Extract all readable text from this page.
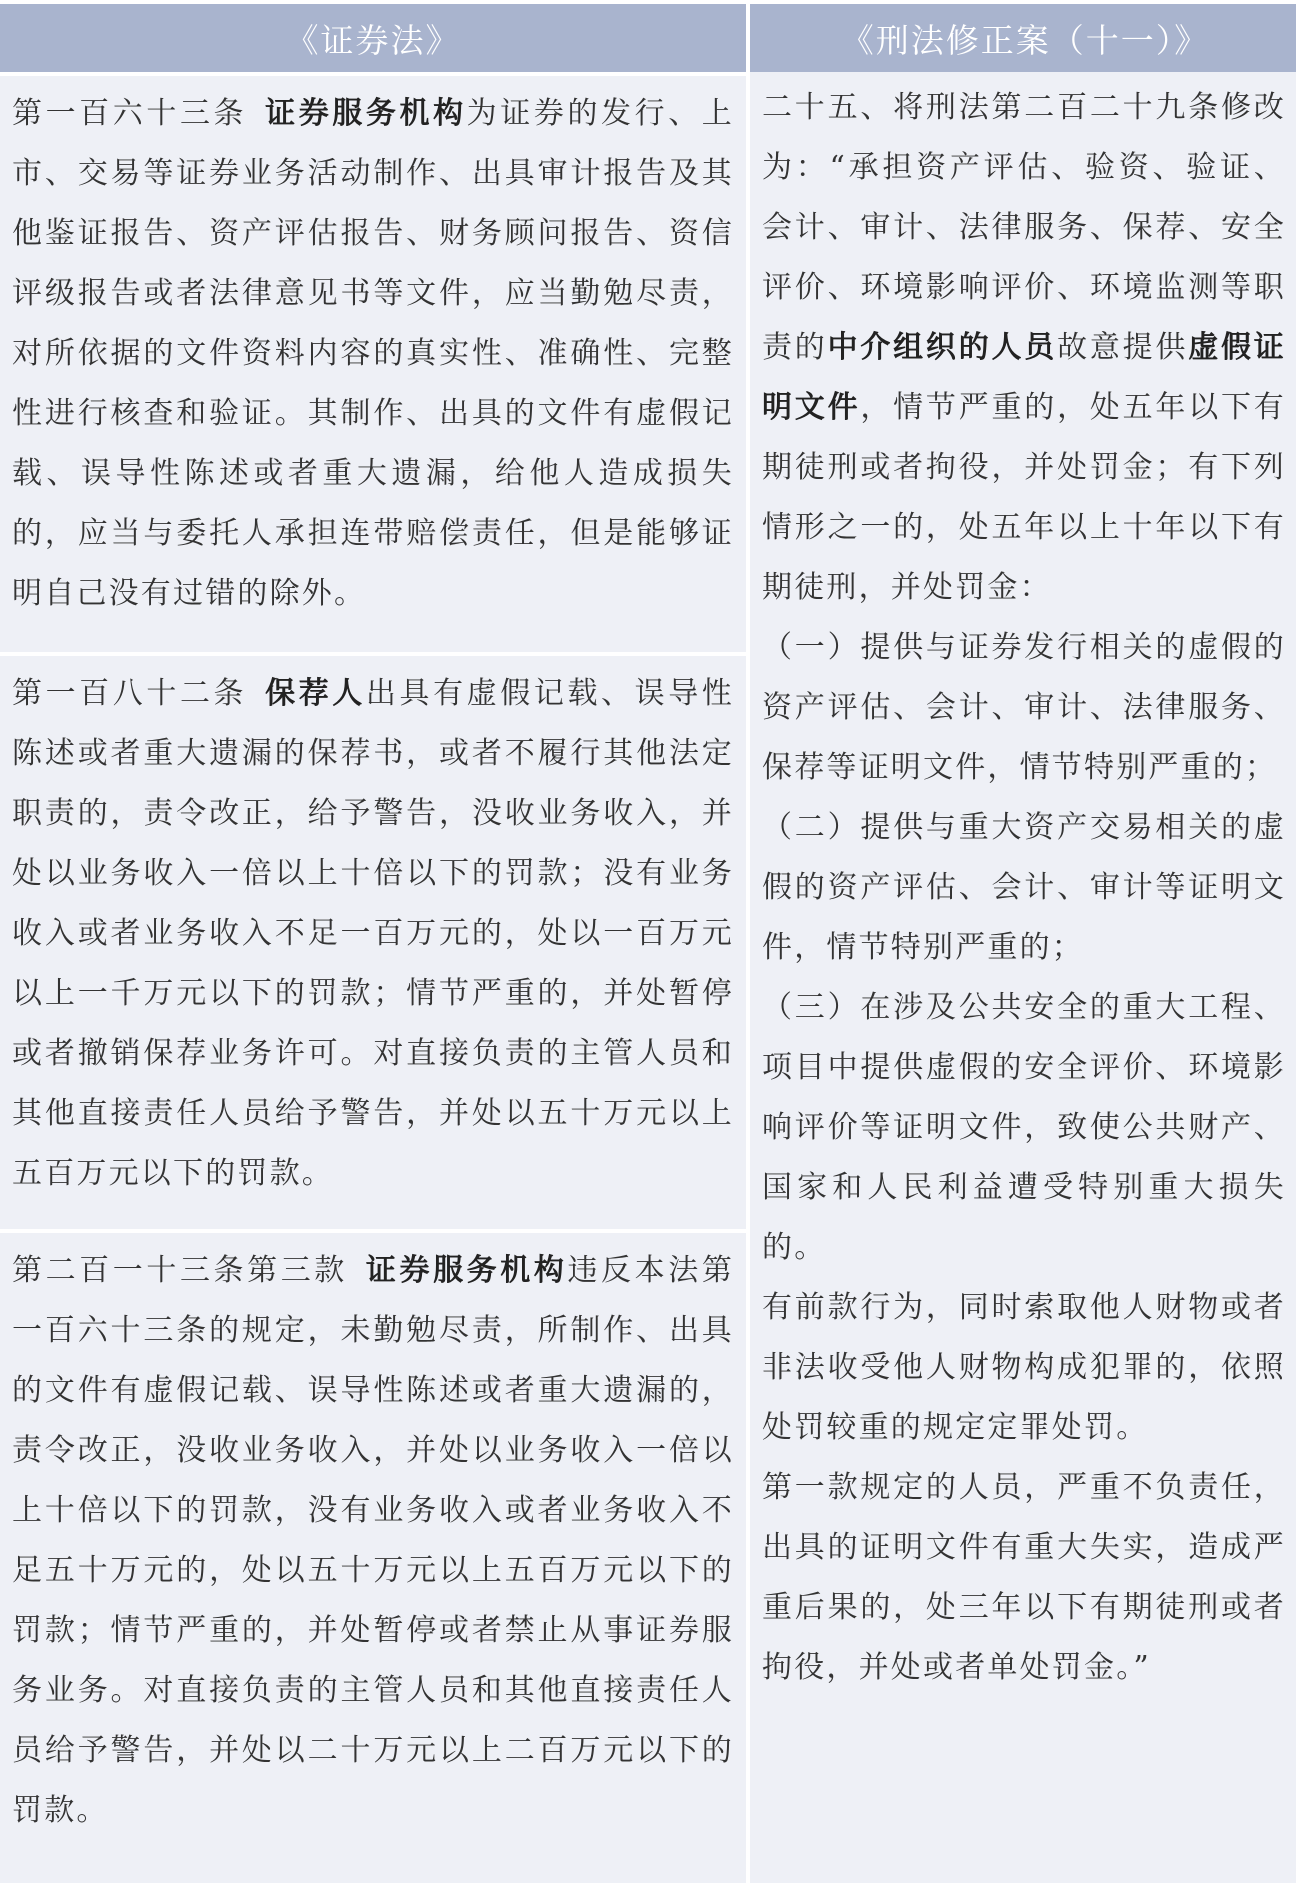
《证券法》	《刑法修正案（十一）》

第一百六十三条 证券服务机构为证券的发行、上市、交易等证券业务活动制作、出具审计报告及其他鉴证报告、资产评估报告、财务顾问报告、资信评级报告或者法律意见书等文件，应当勤勉尽责，对所依据的文件资料内容的真实性、准确性、完整性进行核查和验证。其制作、出具的文件有虚假记载、误导性陈述或者重大遗漏，给他人造成损失的，应当与委托人承担连带赔偿责任，但是能够证明自己没有过错的除外。

第一百八十二条 保荐人出具有虚假记载、误导性陈述或者重大遗漏的保荐书，或者不履行其他法定职责的，责令改正，给予警告，没收业务收入，并处以业务收入一倍以上十倍以下的罚款；没有业务收入或者业务收入不足一百万元的，处以一百万元以上一千万元以下的罚款；情节严重的，并处暂停或者撤销保荐业务许可。对直接负责的主管人员和其他直接责任人员给予警告，并处以五十万元以上五百万元以下的罚款。

第二百一十三条第三款 证券服务机构违反本法第一百六十三条的规定，未勤勉尽责，所制作、出具的文件有虚假记载、误导性陈述或者重大遗漏的，责令改正，没收业务收入，并处以业务收入一倍以上十倍以下的罚款，没有业务收入或者业务收入不足五十万元的，处以五十万元以上五百万元以下的罚款；情节严重的，并处暂停或者禁止从事证券服务业务。对直接负责的主管人员和其他直接责任人员给予警告，并处以二十万元以上二百万元以下的罚款。

二十五、将刑法第二百二十九条修改为：“承担资产评估、验资、验证、会计、审计、法律服务、保荐、安全评价、环境影响评价、环境监测等职责的中介组织的人员故意提供虚假证明文件，情节严重的，处五年以下有期徒刑或者拘役，并处罚金；有下列情形之一的，处五年以上十年以下有期徒刑，并处罚金：

（一）提供与证券发行相关的虚假的资产评估、会计、审计、法律服务、保荐等证明文件，情节特别严重的；

（二）提供与重大资产交易相关的虚假的资产评估、会计、审计等证明文件，情节特别严重的；

（三）在涉及公共安全的重大工程、项目中提供虚假的安全评价、环境影响评价等证明文件，致使公共财产、国家和人民利益遭受特别重大损失的。

有前款行为，同时索取他人财物或者非法收受他人财物构成犯罪的，依照处罚较重的规定定罪处罚。

第一款规定的人员，严重不负责任，出具的证明文件有重大失实，造成严重后果的，处三年以下有期徒刑或者拘役，并处或者单处罚金。”
